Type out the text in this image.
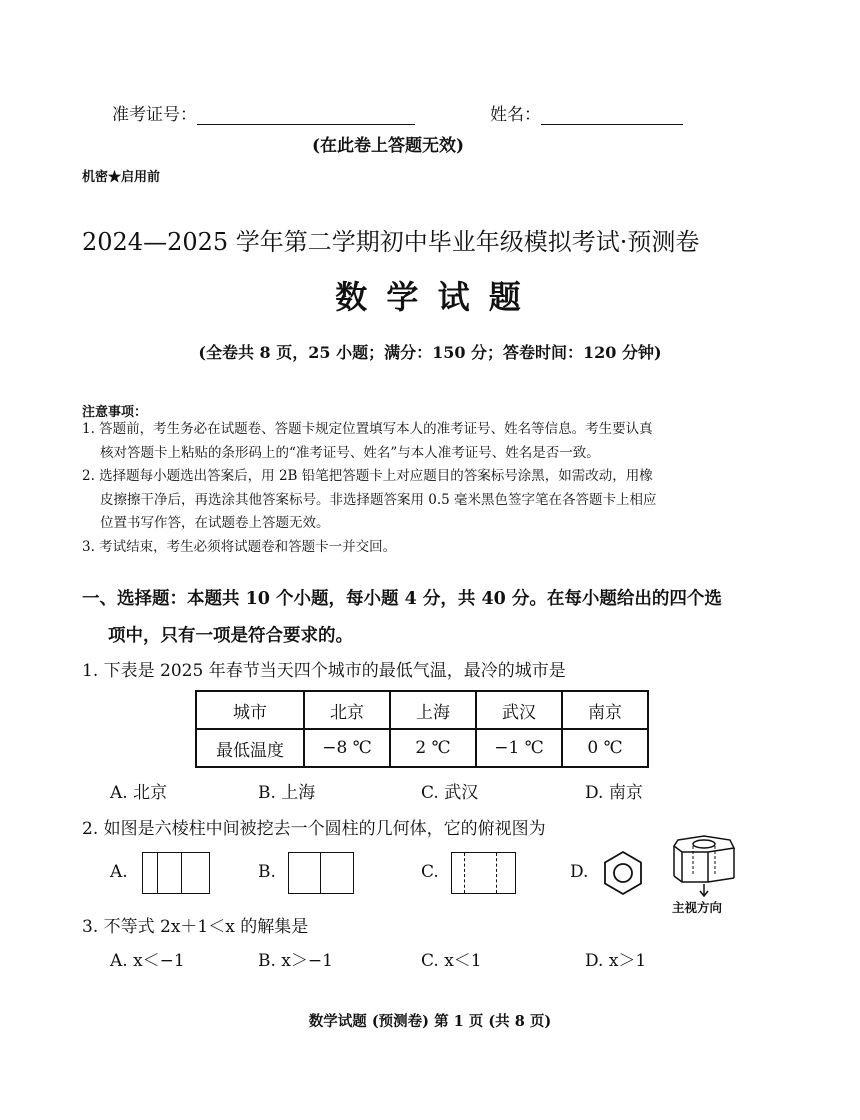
准考证号：	姓名：
(在此卷上答题无效)
机密★启用前
2024—2025 学年第二学期初中毕业年级模拟考试·预测卷
数 学 试 题
(全卷共 8 页，25 小题；满分：150 分；答卷时间：120 分钟)
注意事项：
1. 答题前，考生务必在试题卷、答题卡规定位置填写本人的准考证号、姓名等信息。考生要认真
核对答题卡上粘贴的条形码上的“准考证号、姓名”与本人准考证号、姓名是否一致。
2. 选择题每小题选出答案后，用 2B 铅笔把答题卡上对应题目的答案标号涂黑，如需改动，用橡
皮擦擦干净后，再选涂其他答案标号。非选择题答案用 0.5 毫米黑色签字笔在各答题卡上相应
位置书写作答，在试题卷上答题无效。
3. 考试结束，考生必须将试题卷和答题卡一并交回。
一、选择题：本题共 10 个小题，每小题 4 分，共 40 分。在每小题给出的四个选
项中，只有一项是符合要求的。
1. 下表是 2025 年春节当天四个城市的最低气温，最冷的城市是
城市	北京	上海	武汉	南京
最低温度	−8 ℃	2 ℃	−1 ℃	0 ℃
A. 北京	B. 上海	C. 武汉	D. 南京
2. 如图是六棱柱中间被挖去一个圆柱的几何体，它的俯视图为
A.	B.	C.	D.
主视方向
3. 不等式 2x＋1＜x 的解集是
A. x＜−1	B. x＞−1	C. x＜1	D. x＞1
数学试题 (预测卷) 第 1 页 (共 8 页)
